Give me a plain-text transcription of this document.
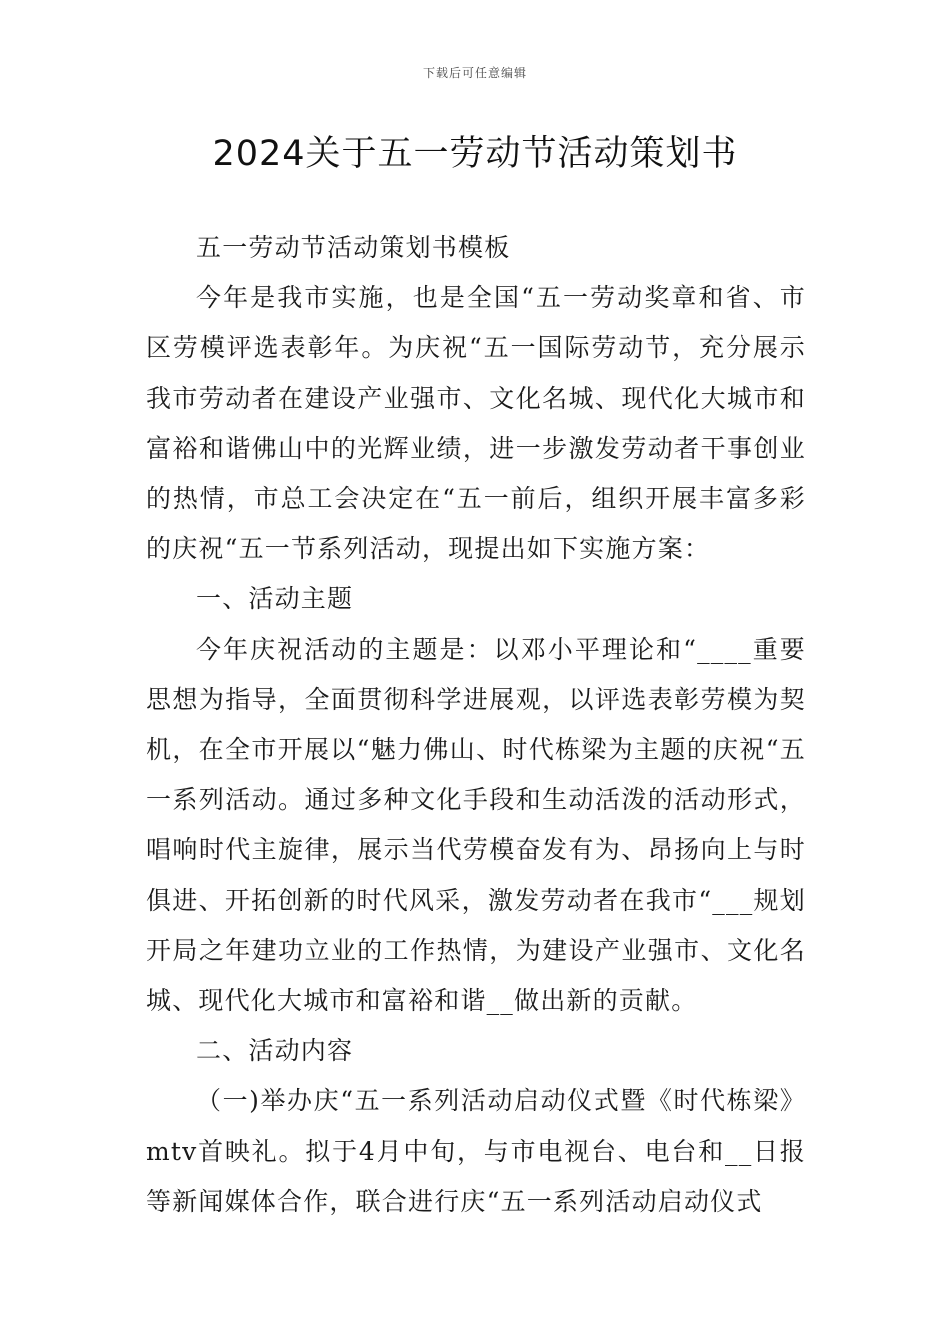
下载后可任意编辑
2024关于五一劳动节活动策划书

五一劳动节活动策划书模板

今年是我市实施，也是全国“五一劳动奖章和省、市区劳模评选表彰年。为庆祝“五一国际劳动节，充分展示我市劳动者在建设产业强市、文化名城、现代化大城市和富裕和谐佛山中的光辉业绩，进一步激发劳动者干事创业的热情，市总工会决定在“五一前后，组织开展丰富多彩的庆祝“五一节系列活动，现提出如下实施方案：

一、活动主题

今年庆祝活动的主题是：以邓小平理论和“____重要思想为指导，全面贯彻科学进展观，以评选表彰劳模为契机，在全市开展以“魅力佛山、时代栋梁为主题的庆祝“五一系列活动。通过多种文化手段和生动活泼的活动形式，唱响时代主旋律，展示当代劳模奋发有为、昂扬向上与时俱进、开拓创新的时代风采，激发劳动者在我市“___规划开局之年建功立业的工作热情，为建设产业强市、文化名城、现代化大城市和富裕和谐__做出新的贡献。

二、活动内容

（一)举办庆“五一系列活动启动仪式暨《时代栋梁》mtv首映礼。拟于4月中旬，与市电视台、电台和__日报等新闻媒体合作，联合进行庆“五一系列活动启动仪式
